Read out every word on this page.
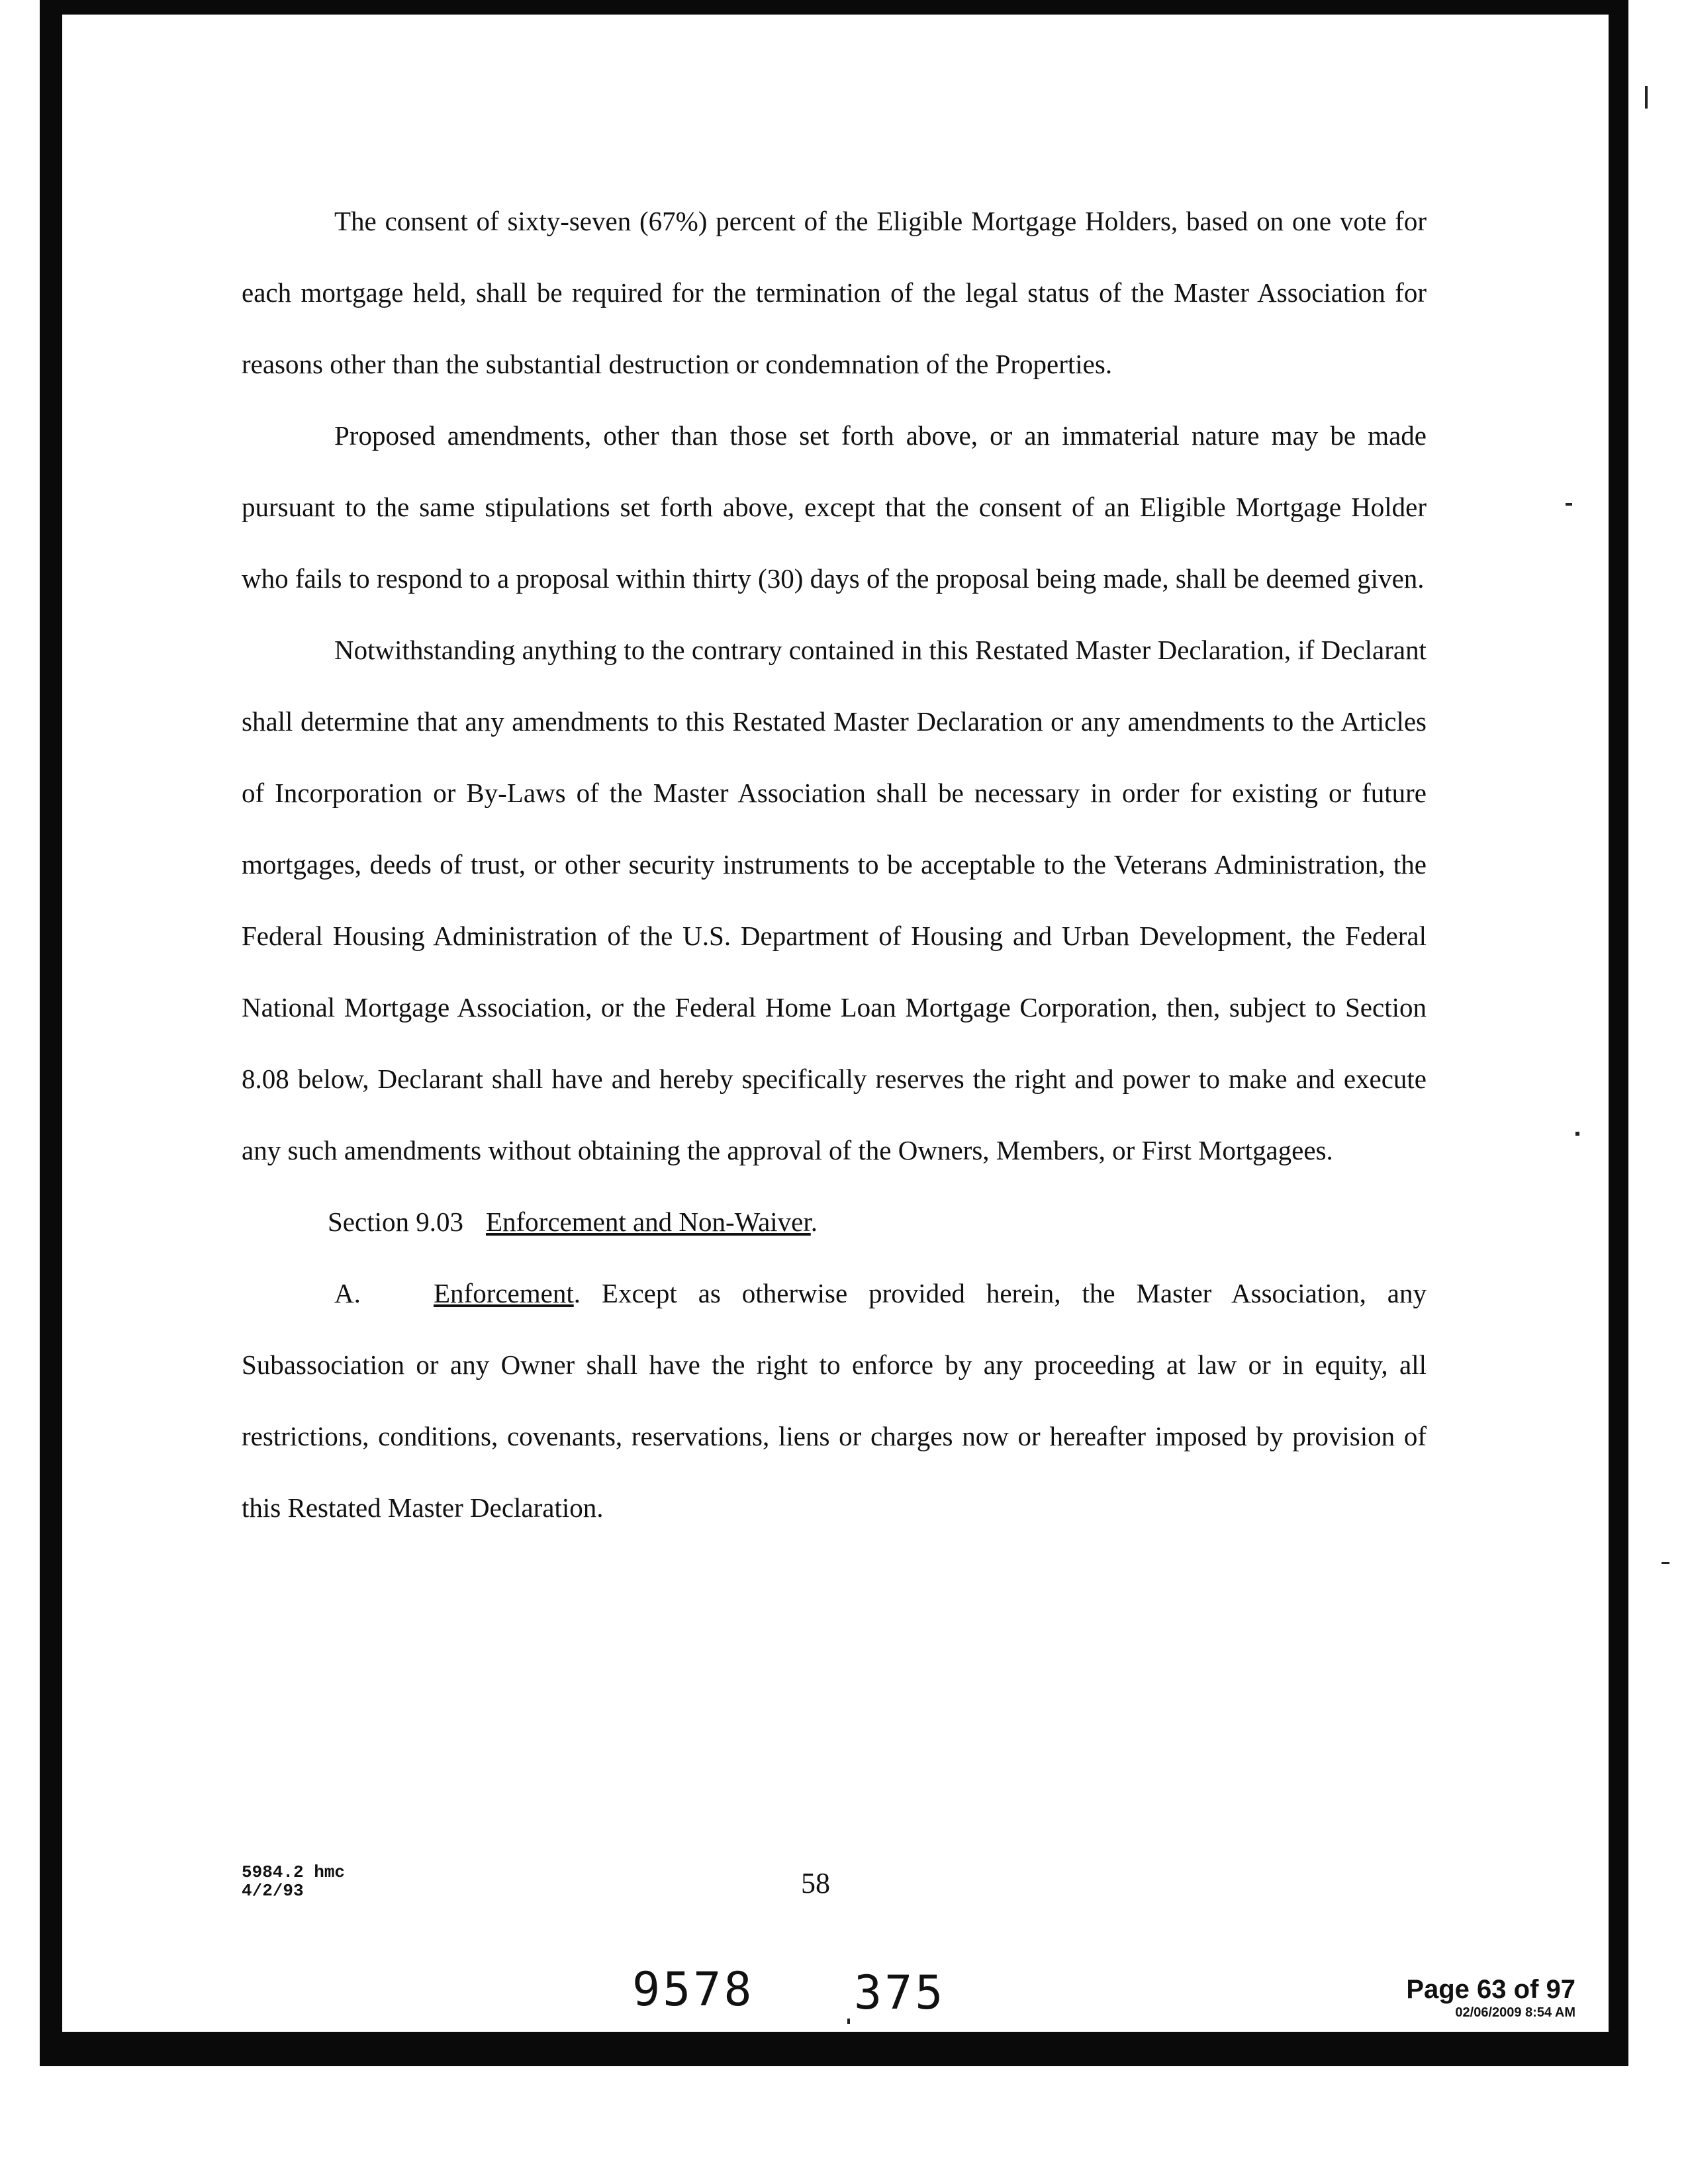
The consent of sixty-seven (67%) percent of the Eligible Mortgage Holders, based on one vote for each mortgage held, shall be required for the termination of the legal status of the Master Association for reasons other than the substantial destruction or condemnation of the Properties.

Proposed amendments, other than those set forth above, or an immaterial nature may be made pursuant to the same stipulations set forth above, except that the consent of an Eligible Mortgage Holder who fails to respond to a proposal within thirty (30) days of the proposal being made, shall be deemed given.

Notwithstanding anything to the contrary contained in this Restated Master Declaration, if Declarant shall determine that any amendments to this Restated Master Declaration or any amendments to the Articles of Incorporation or By-Laws of the Master Association shall be necessary in order for existing or future mortgages, deeds of trust, or other security instruments to be acceptable to the Veterans Administration, the Federal Housing Administration of the U.S. Department of Housing and Urban Development, the Federal National Mortgage Association, or the Federal Home Loan Mortgage Corporation, then, subject to Section 8.08 below, Declarant shall have and hereby specifically reserves the right and power to make and execute any such amendments without obtaining the approval of the Owners, Members, or First Mortgagees.

Section 9.03 Enforcement and Non-Waiver.

A.	Enforcement. Except as otherwise provided herein, the Master Association, any Subassociation or any Owner shall have the right to enforce by any proceeding at law or in equity, all restrictions, conditions, covenants, reservations, liens or charges now or hereafter imposed by provision of this Restated Master Declaration.

5984.2 hmc
4/2/93	58
9578 375	Page 63 of 97
02/06/2009 8:54 AM
